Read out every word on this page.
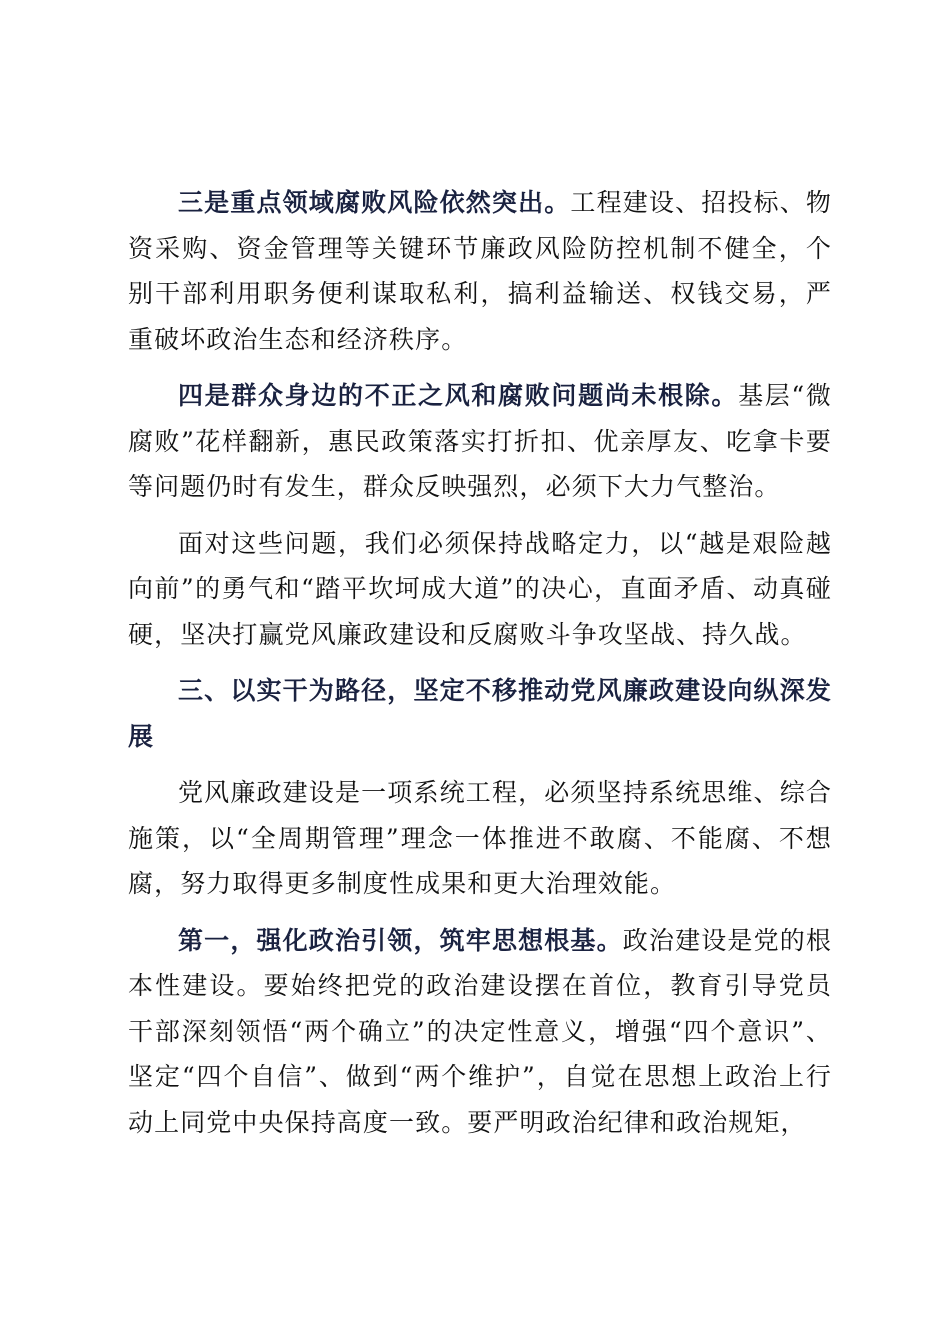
三是重点领域腐败风险依然突出。工程建设、招投标、物资采购、资金管理等关键环节廉政风险防控机制不健全，个别干部利用职务便利谋取私利，搞利益输送、权钱交易，严重破坏政治生态和经济秩序。

四是群众身边的不正之风和腐败问题尚未根除。基层“微腐败”花样翻新，惠民政策落实打折扣、优亲厚友、吃拿卡要等问题仍时有发生，群众反映强烈，必须下大力气整治。

面对这些问题，我们必须保持战略定力，以“越是艰险越向前”的勇气和“踏平坎坷成大道”的决心，直面矛盾、动真碰硬，坚决打赢党风廉政建设和反腐败斗争攻坚战、持久战。

三、以实干为路径，坚定不移推动党风廉政建设向纵深发展

党风廉政建设是一项系统工程，必须坚持系统思维、综合施策，以“全周期管理”理念一体推进不敢腐、不能腐、不想腐，努力取得更多制度性成果和更大治理效能。

第一，强化政治引领，筑牢思想根基。政治建设是党的根本性建设。要始终把党的政治建设摆在首位，教育引导党员干部深刻领悟“两个确立”的决定性意义，增强“四个意识”、坚定“四个自信”、做到“两个维护”，自觉在思想上政治上行动上同党中央保持高度一致。要严明政治纪律和政治规矩，
